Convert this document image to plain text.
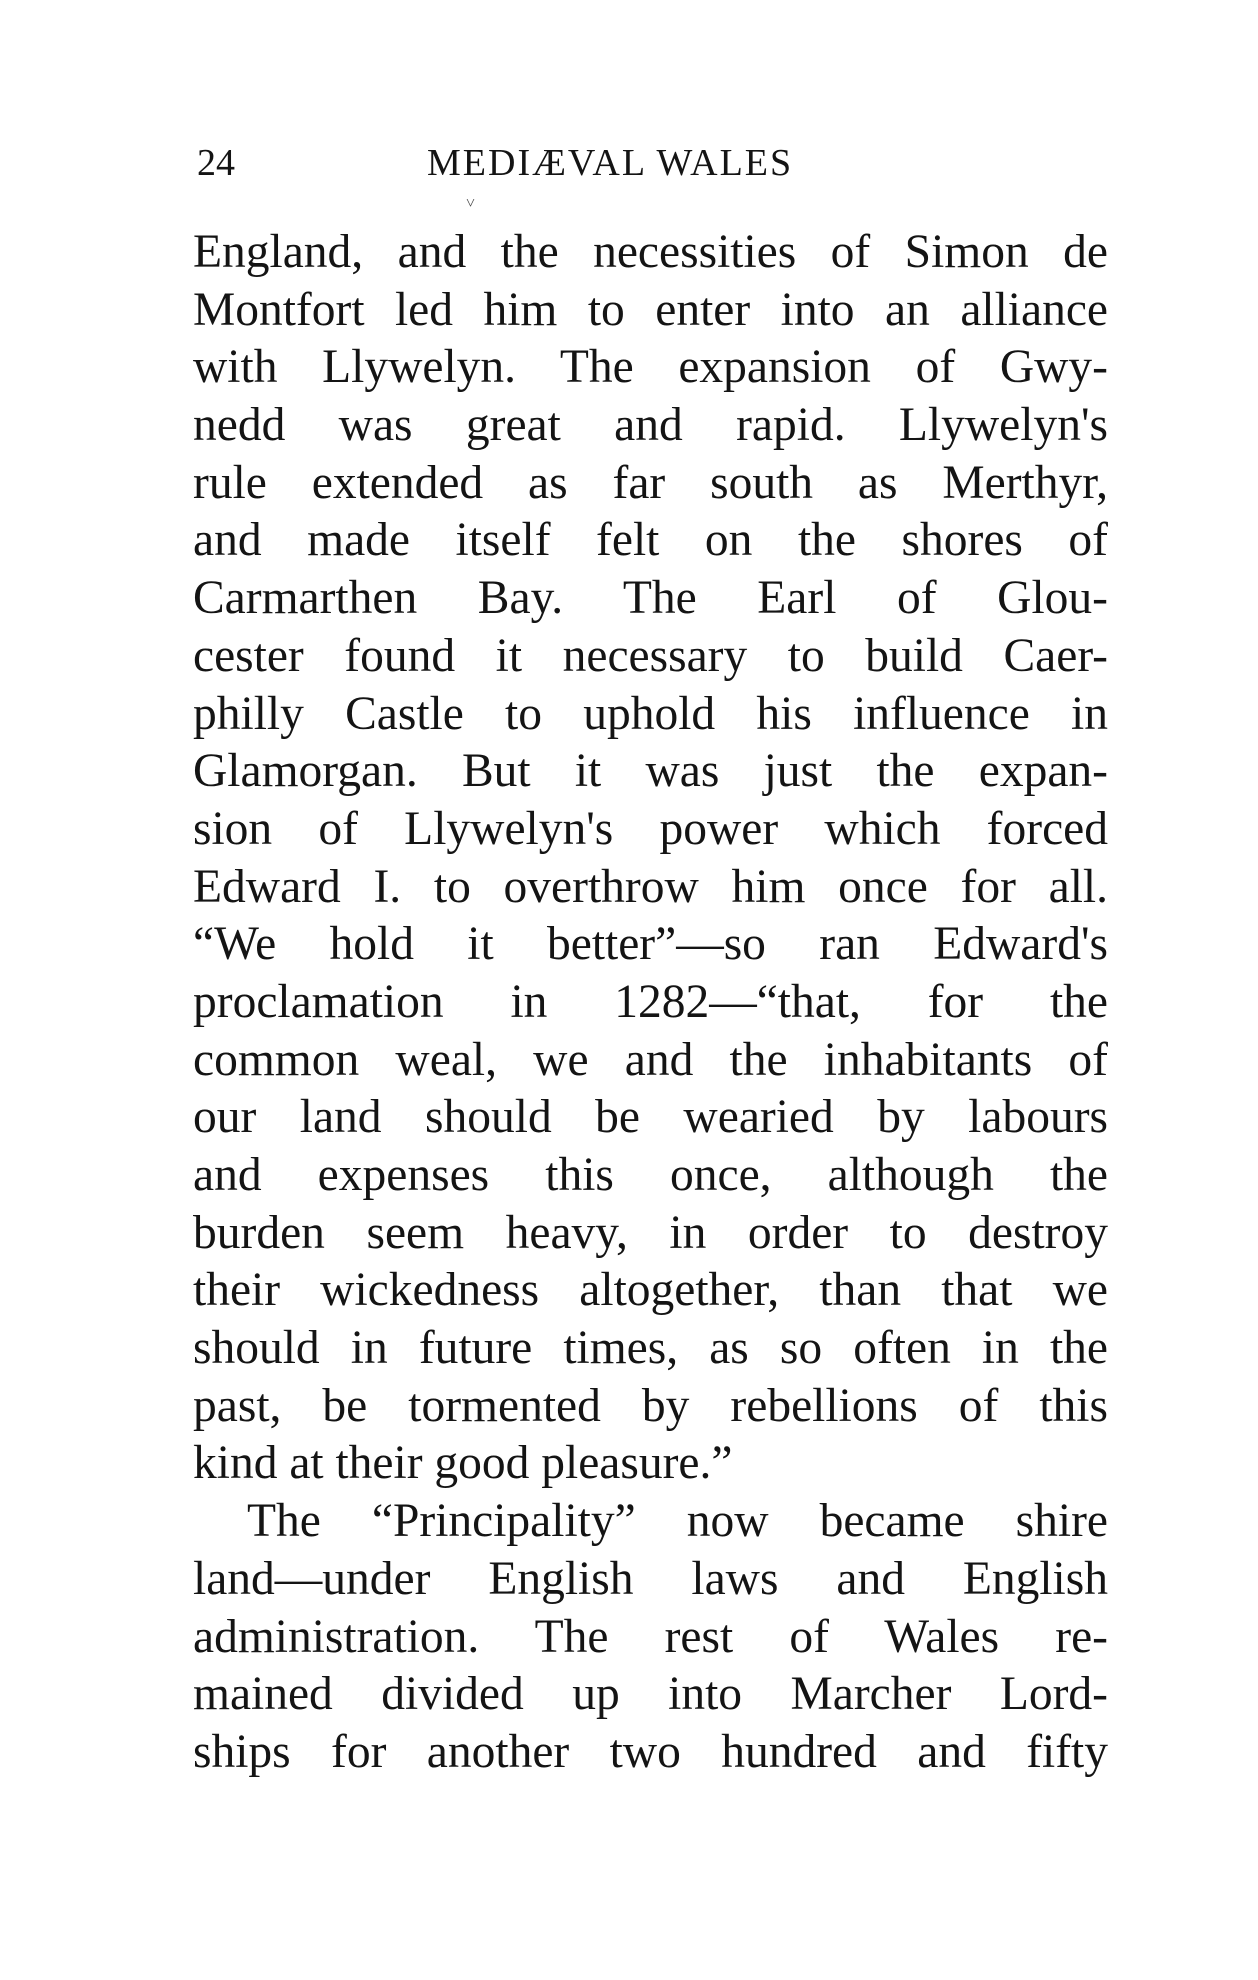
24	MEDIÆVAL WALES
˅
England, and the necessities of Simon de
Montfort led him to enter into an alliance
with Llywelyn. The expansion of Gwy-
nedd was great and rapid. Llywelyn's
rule extended as far south as Merthyr,
and made itself felt on the shores of
Carmarthen Bay. The Earl of Glou-
cester found it necessary to build Caer-
philly Castle to uphold his influence in
Glamorgan. But it was just the expan-
sion of Llywelyn's power which forced
Edward I. to overthrow him once for all.
“We hold it better”—so ran Edward's
proclamation in 1282—“that, for the
common weal, we and the inhabitants of
our land should be wearied by labours
and expenses this once, although the
burden seem heavy, in order to destroy
their wickedness altogether, than that we
should in future times, as so often in the
past, be tormented by rebellions of this
kind at their good pleasure.”
The “Principality” now became shire
land—under English laws and English
administration. The rest of Wales re-
mained divided up into Marcher Lord-
ships for another two hundred and fifty
